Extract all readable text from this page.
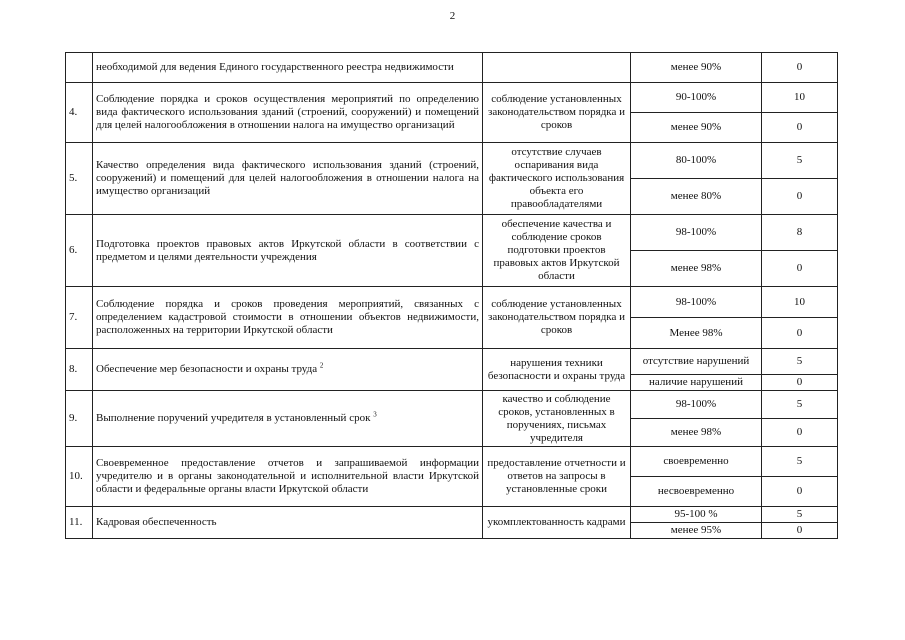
2
	необходимой для ведения Единого государственного реестра недвижимости		менее 90%	0
4.	Соблюдение порядка и сроков осуществления мероприятий по определению вида фактического использования зданий (строений, сооружений) и помещений для целей налогообложения в отношении налога на имущество организаций	соблюдение установленных законодательством порядка и сроков	90-100%	10
			менее 90%	0
5.	Качество определения вида фактического использования зданий (строений, сооружений) и помещений для целей налогообложения в отношении налога на имущество организаций	отсутствие случаев оспаривания вида фактического использования объекта его правообладателями	80-100%	5
			менее 80%	0
6.	Подготовка проектов правовых актов Иркутской области в соответствии с предметом и целями деятельности учреждения	обеспечение качества и соблюдение сроков подготовки проектов правовых актов Иркутской области	98-100%	8
			менее 98%	0
7.	Соблюдение порядка и сроков проведения мероприятий, связанных с определением кадастровой стоимости в отношении объектов недвижимости, расположенных на территории Иркутской области	соблюдение установленных законодательством порядка и сроков	98-100%	10
			Менее 98%	0
8.	Обеспечение мер безопасности и охраны труда $^2$	нарушения техники безопасности и охраны труда	отсутствие нарушений	5
			наличие нарушений	0
9.	Выполнение поручений учредителя в установленный срок $^3$	качество и соблюдение сроков, установленных в поручениях, письмах учредителя	98-100%	5
			менее 98%	0
10.	Своевременное предоставление отчетов и запрашиваемой информации учредителю и в органы законодательной и исполнительной власти Иркутской области и федеральные органы власти Иркутской области	предоставление отчетности и ответов на запросы в установленные сроки	своевременно	5
			несвоевременно	0
11.	Кадровая обеспеченность	укомплектованность кадрами	95-100 %	5
			менее 95%	0
